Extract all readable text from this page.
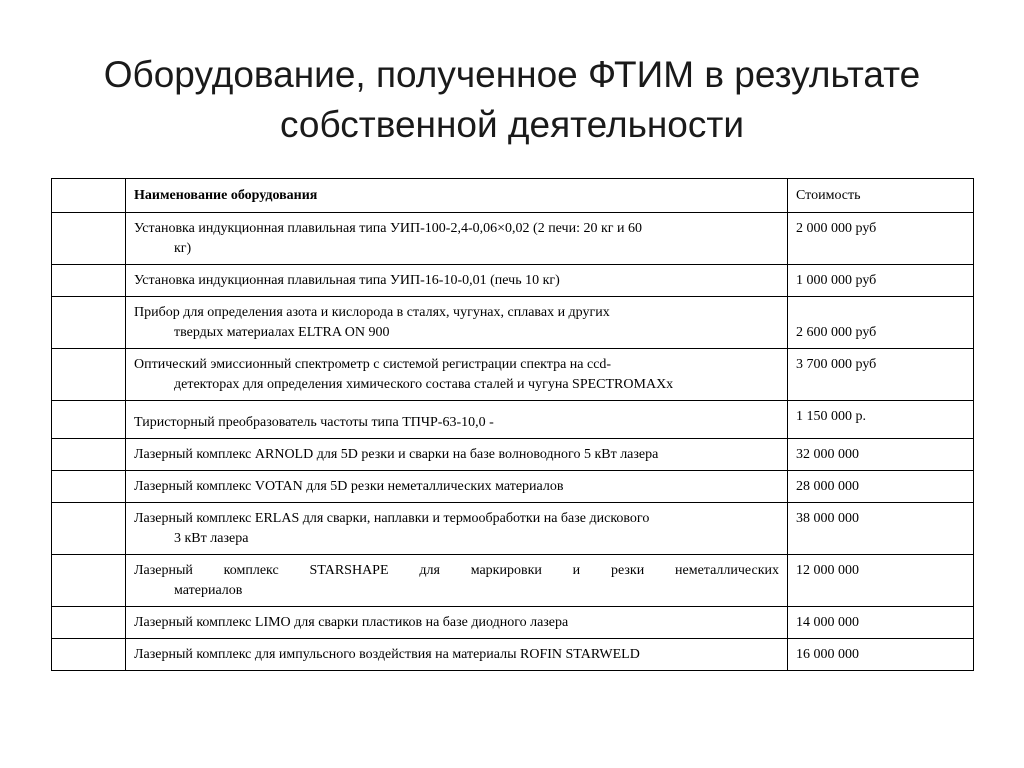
Оборудование, полученное ФТИМ в результате
собственной деятельности
	Наименование оборудования	Стоимость
	Установка индукционная плавильная типа УИП-100-2,4-0,06×0,02 (2 печи: 20 кг и 60
кг)	2 000 000 руб
	Установка индукционная плавильная типа УИП-16-10-0,01 (печь 10 кг)	1 000 000 руб
	Прибор для определения азота и кислорода в сталях, чугунах, сплавах и других
твердых материалах ELTRA ON 900	2 600 000 руб
	Оптический эмиссионный спектрометр с системой регистрации спектра на ccd-
детекторах для определения химического состава сталей и чугуна SPECTROMAXx	3 700 000 руб
	Тиристорный преобразователь частоты типа ТПЧР-63-10,0 -	1 150 000 р.
	Лазерный комплекс ARNOLD для 5D резки и сварки на базе волноводного 5 кВт лазера	32 000 000
	Лазерный комплекс VOTAN для 5D резки неметаллических материалов	28 000 000
	Лазерный комплекс ERLAS для сварки, наплавки и термообработки на базе дискового
3 кВт лазера	38 000 000

	Лазерный комплекс STARSHAPE для маркировки и резки неметаллических
материалов	12 000 000
	Лазерный комплекс LIMO для сварки пластиков на базе диодного лазера	14 000 000
	Лазерный комплекс для импульсного воздействия на материалы ROFIN STARWELD	16 000 000
